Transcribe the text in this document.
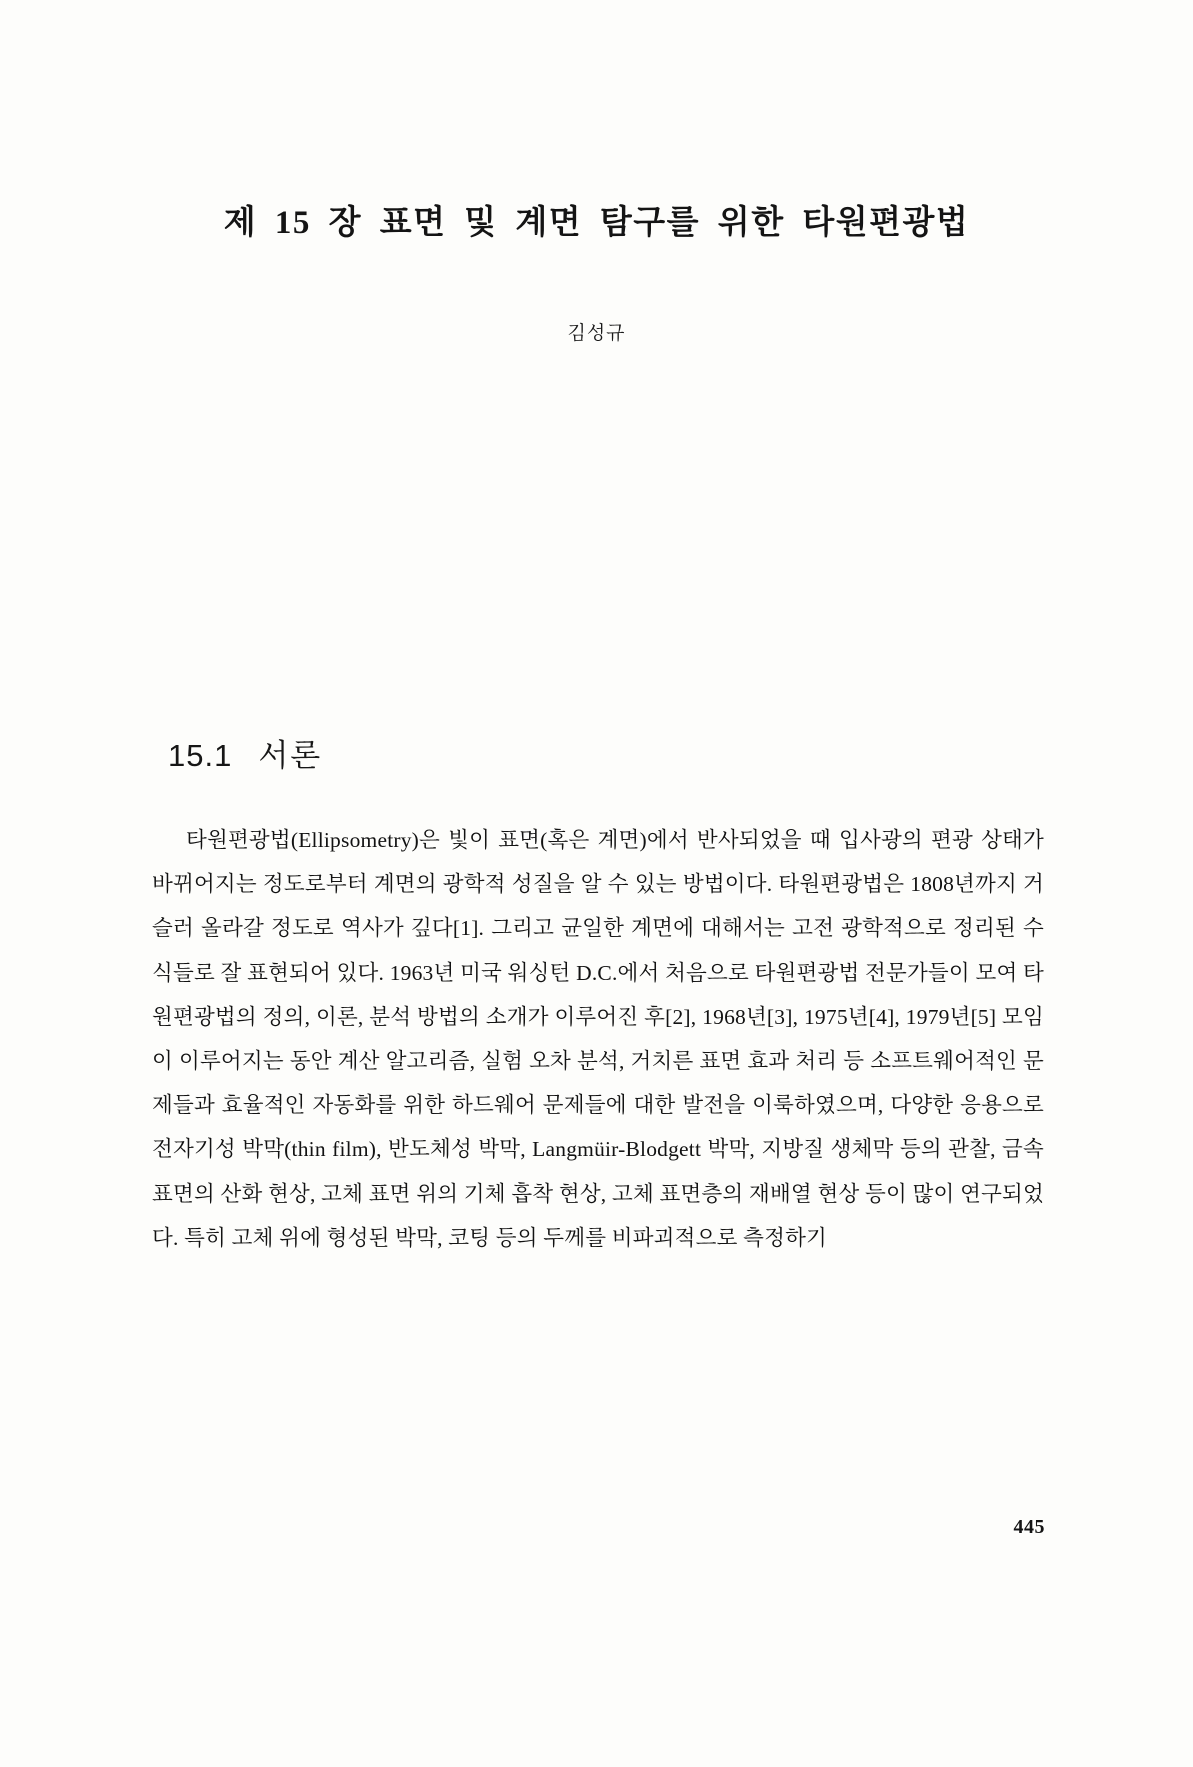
제 15 장 표면 및 계면 탐구를 위한 타원편광법
김성규
15.1 서론

타원편광법(Ellipsometry)은 빛이 표면(혹은 계면)에서 반사되었을 때 입사광의 편광 상태가 바뀌어지는 정도로부터 계면의 광학적 성질을 알 수 있는 방법이다. 타원편광법은 1808년까지 거슬러 올라갈 정도로 역사가 깊다[1]. 그리고 균일한 계면에 대해서는 고전 광학적으로 정리된 수식들로 잘 표현되어 있다. 1963년 미국 워싱턴 D.C.에서 처음으로 타원편광법 전문가들이 모여 타원편광법의 정의, 이론, 분석 방법의 소개가 이루어진 후[2], 1968년[3], 1975년[4], 1979년[5] 모임이 이루어지는 동안 계산 알고리즘, 실험 오차 분석, 거치른 표면 효과 처리 등 소프트웨어적인 문제들과 효율적인 자동화를 위한 하드웨어 문제들에 대한 발전을 이룩하였으며, 다양한 응용으로 전자기성 박막(thin film), 반도체성 박막, Langmüir-Blodgett 박막, 지방질 생체막 등의 관찰, 금속 표면의 산화 현상, 고체 표면 위의 기체 흡착 현상, 고체 표면층의 재배열 현상 등이 많이 연구되었다. 특히 고체 위에 형성된 박막, 코팅 등의 두께를 비파괴적으로 측정하기

445
